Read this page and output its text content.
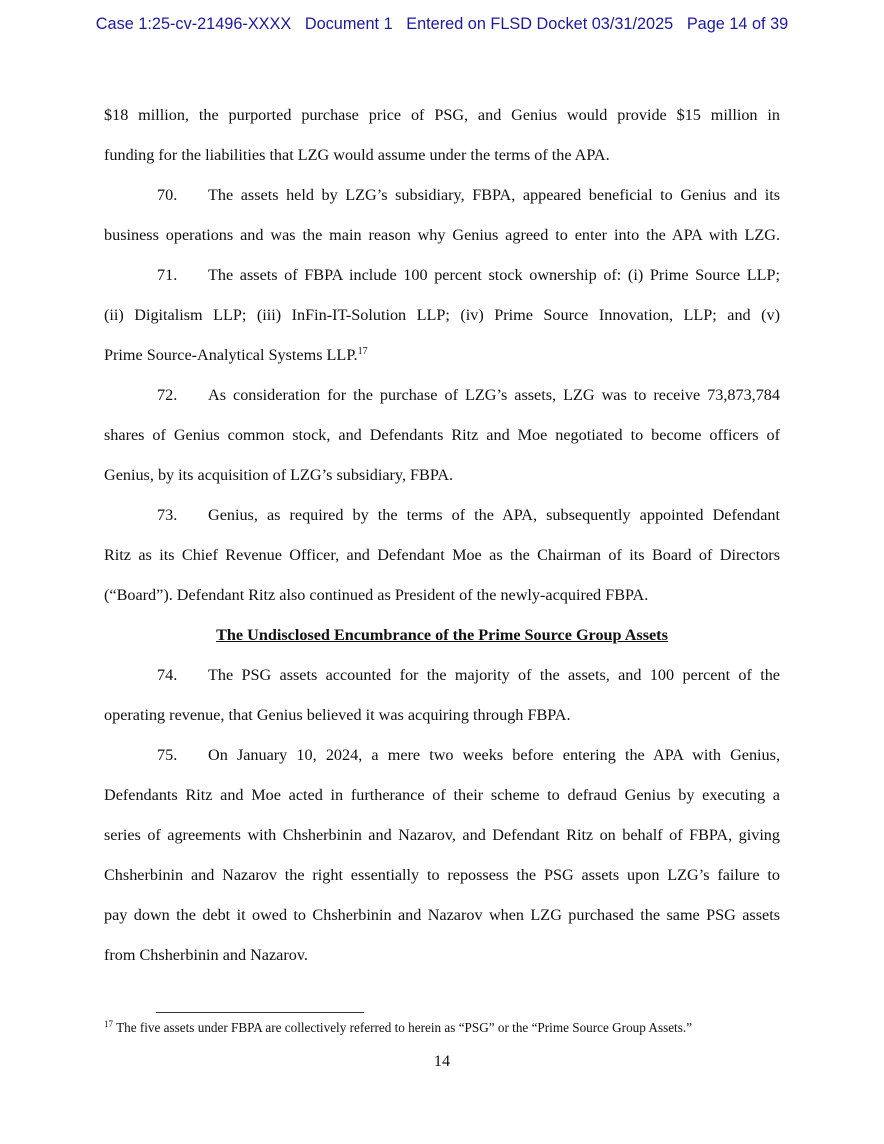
Case 1:25-cv-21496-XXXX Document 1 Entered on FLSD Docket 03/31/2025 Page 14 of 39
$18 million, the purported purchase price of PSG, and Genius would provide $15 million in
funding for the liabilities that LZG would assume under the terms of the APA.
70. The assets held by LZG’s subsidiary, FBPA, appeared beneficial to Genius and its
business operations and was the main reason why Genius agreed to enter into the APA with LZG.
71. The assets of FBPA include 100 percent stock ownership of: (i) Prime Source LLP;
(ii) Digitalism LLP; (iii) InFin-IT-Solution LLP; (iv) Prime Source Innovation, LLP; and (v)
Prime Source-Analytical Systems LLP.$^{17}$
72. As consideration for the purchase of LZG’s assets, LZG was to receive 73,873,784
shares of Genius common stock, and Defendants Ritz and Moe negotiated to become officers of
Genius, by its acquisition of LZG’s subsidiary, FBPA.
73. Genius, as required by the terms of the APA, subsequently appointed Defendant
Ritz as its Chief Revenue Officer, and Defendant Moe as the Chairman of its Board of Directors
(“Board”). Defendant Ritz also continued as President of the newly-acquired FBPA.
The Undisclosed Encumbrance of the Prime Source Group Assets
74. The PSG assets accounted for the majority of the assets, and 100 percent of the
operating revenue, that Genius believed it was acquiring through FBPA.
75. On January 10, 2024, a mere two weeks before entering the APA with Genius,
Defendants Ritz and Moe acted in furtherance of their scheme to defraud Genius by executing a
series of agreements with Chsherbinin and Nazarov, and Defendant Ritz on behalf of FBPA, giving
Chsherbinin and Nazarov the right essentially to repossess the PSG assets upon LZG’s failure to
pay down the debt it owed to Chsherbinin and Nazarov when LZG purchased the same PSG assets
from Chsherbinin and Nazarov.
$^{17}$ The five assets under FBPA are collectively referred to herein as “PSG” or the “Prime Source Group Assets.”
14
